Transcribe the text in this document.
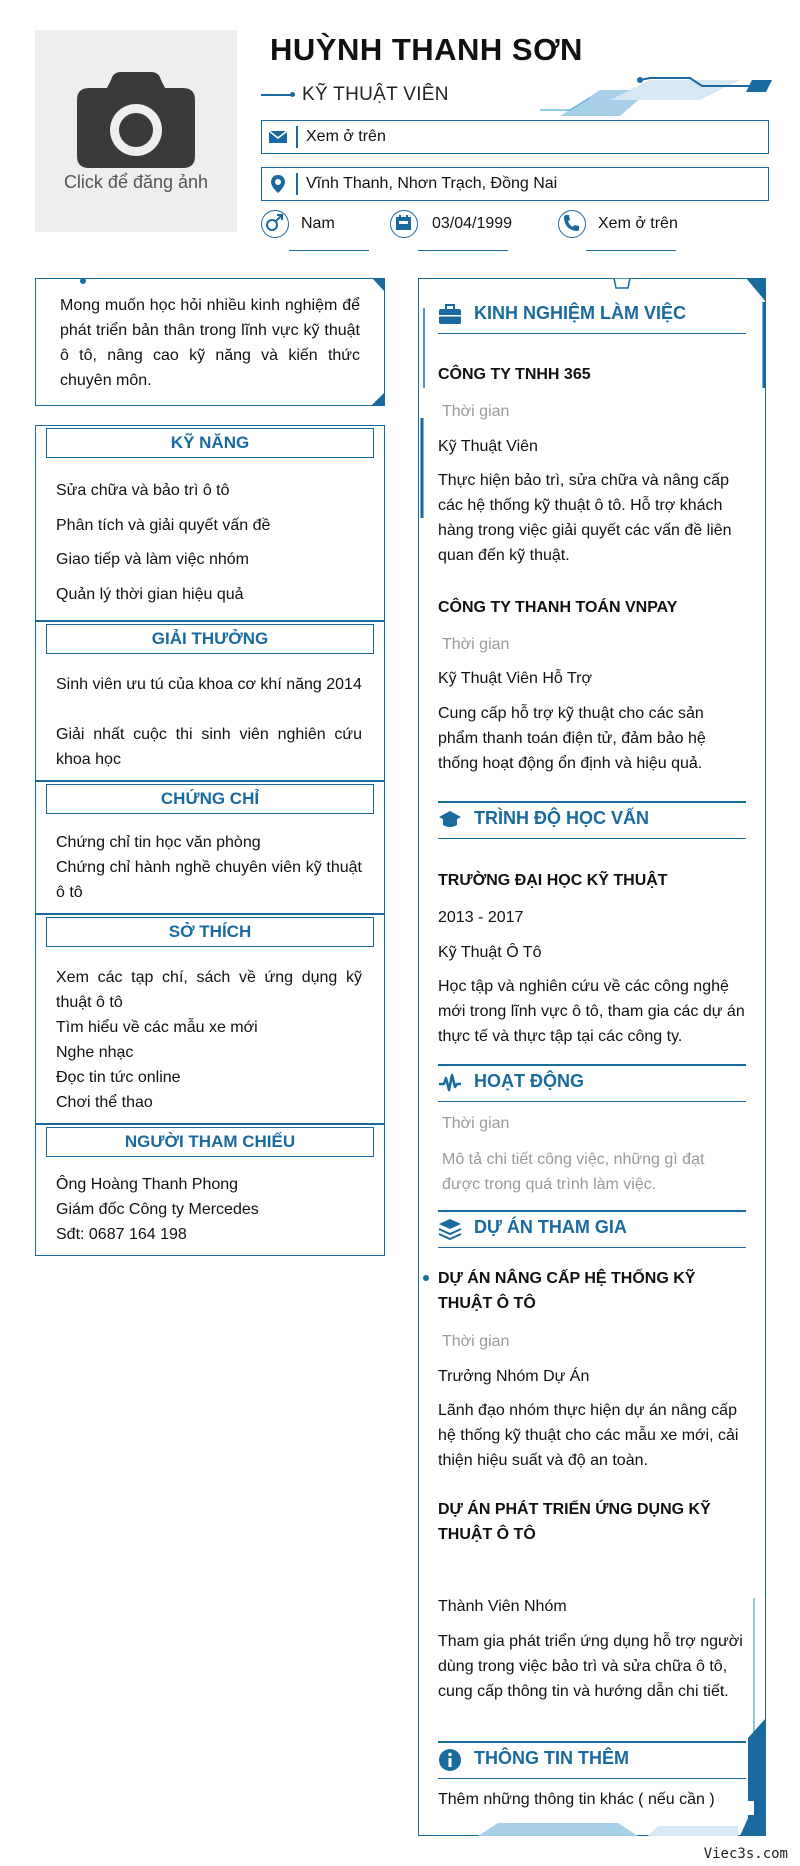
Click để đăng ảnh
HUỲNH THANH SƠN
KỸ THUẬT VIÊN
Xem ở trên
Vĩnh Thanh, Nhơn Trạch, Đồng Nai
Nam	03/04/1999	Xem ở trên
Mong muốn học hỏi nhiều kinh nghiệm để phát triển bản thân trong lĩnh vực kỹ thuật ô tô, nâng cao kỹ năng và kiến thức chuyên môn.
KỸ NĂNG
Sửa chữa và bảo trì ô tô
Phân tích và giải quyết vấn đề
Giao tiếp và làm việc nhóm
Quản lý thời gian hiệu quả
GIẢI THƯỞNG
Sinh viên ưu tú của khoa cơ khí năng 2014
Giải nhất cuộc thi sinh viên nghiên cứu khoa học
CHỨNG CHỈ
Chứng chỉ tin học văn phòng
Chứng chỉ hành nghề chuyên viên kỹ thuật ô tô
SỞ THÍCH
Xem các tạp chí, sách về ứng dụng kỹ thuật ô tô
Tìm hiểu về các mẫu xe mới
Nghe nhạc
Đọc tin tức online
Chơi thể thao
NGƯỜI THAM CHIẾU
Ông Hoàng Thanh Phong
Giám đốc Công ty Mercedes
Sđt: 0687 164 198
KINH NGHIỆM LÀM VIỆC
CÔNG TY TNHH 365
Thời gian
Kỹ Thuật Viên
Thực hiện bảo trì, sửa chữa và nâng cấp các hệ thống kỹ thuật ô tô. Hỗ trợ khách hàng trong việc giải quyết các vấn đề liên quan đến kỹ thuật.
CÔNG TY THANH TOÁN VNPAY
Thời gian
Kỹ Thuật Viên Hỗ Trợ
Cung cấp hỗ trợ kỹ thuật cho các sản phẩm thanh toán điện tử, đảm bảo hệ thống hoạt động ổn định và hiệu quả.
TRÌNH ĐỘ HỌC VẤN
TRƯỜNG ĐẠI HỌC KỸ THUẬT
2013 - 2017
Kỹ Thuật Ô Tô
Học tập và nghiên cứu về các công nghệ mới trong lĩnh vực ô tô, tham gia các dự án thực tế và thực tập tại các công ty.
HOẠT ĐỘNG
Thời gian
Mô tả chi tiết công việc, những gì đạt được trong quá trình làm việc.
DỰ ÁN THAM GIA
DỰ ÁN NÂNG CẤP HỆ THỐNG KỸ THUẬT Ô TÔ
Thời gian
Trưởng Nhóm Dự Án
Lãnh đạo nhóm thực hiện dự án nâng cấp hệ thống kỹ thuật cho các mẫu xe mới, cải thiện hiệu suất và độ an toàn.
DỰ ÁN PHÁT TRIỂN ỨNG DỤNG KỸ THUẬT Ô TÔ
Thành Viên Nhóm
Tham gia phát triển ứng dụng hỗ trợ người dùng trong việc bảo trì và sửa chữa ô tô, cung cấp thông tin và hướng dẫn chi tiết.
THÔNG TIN THÊM
Thêm những thông tin khác ( nếu cần )
Viec3s.com
